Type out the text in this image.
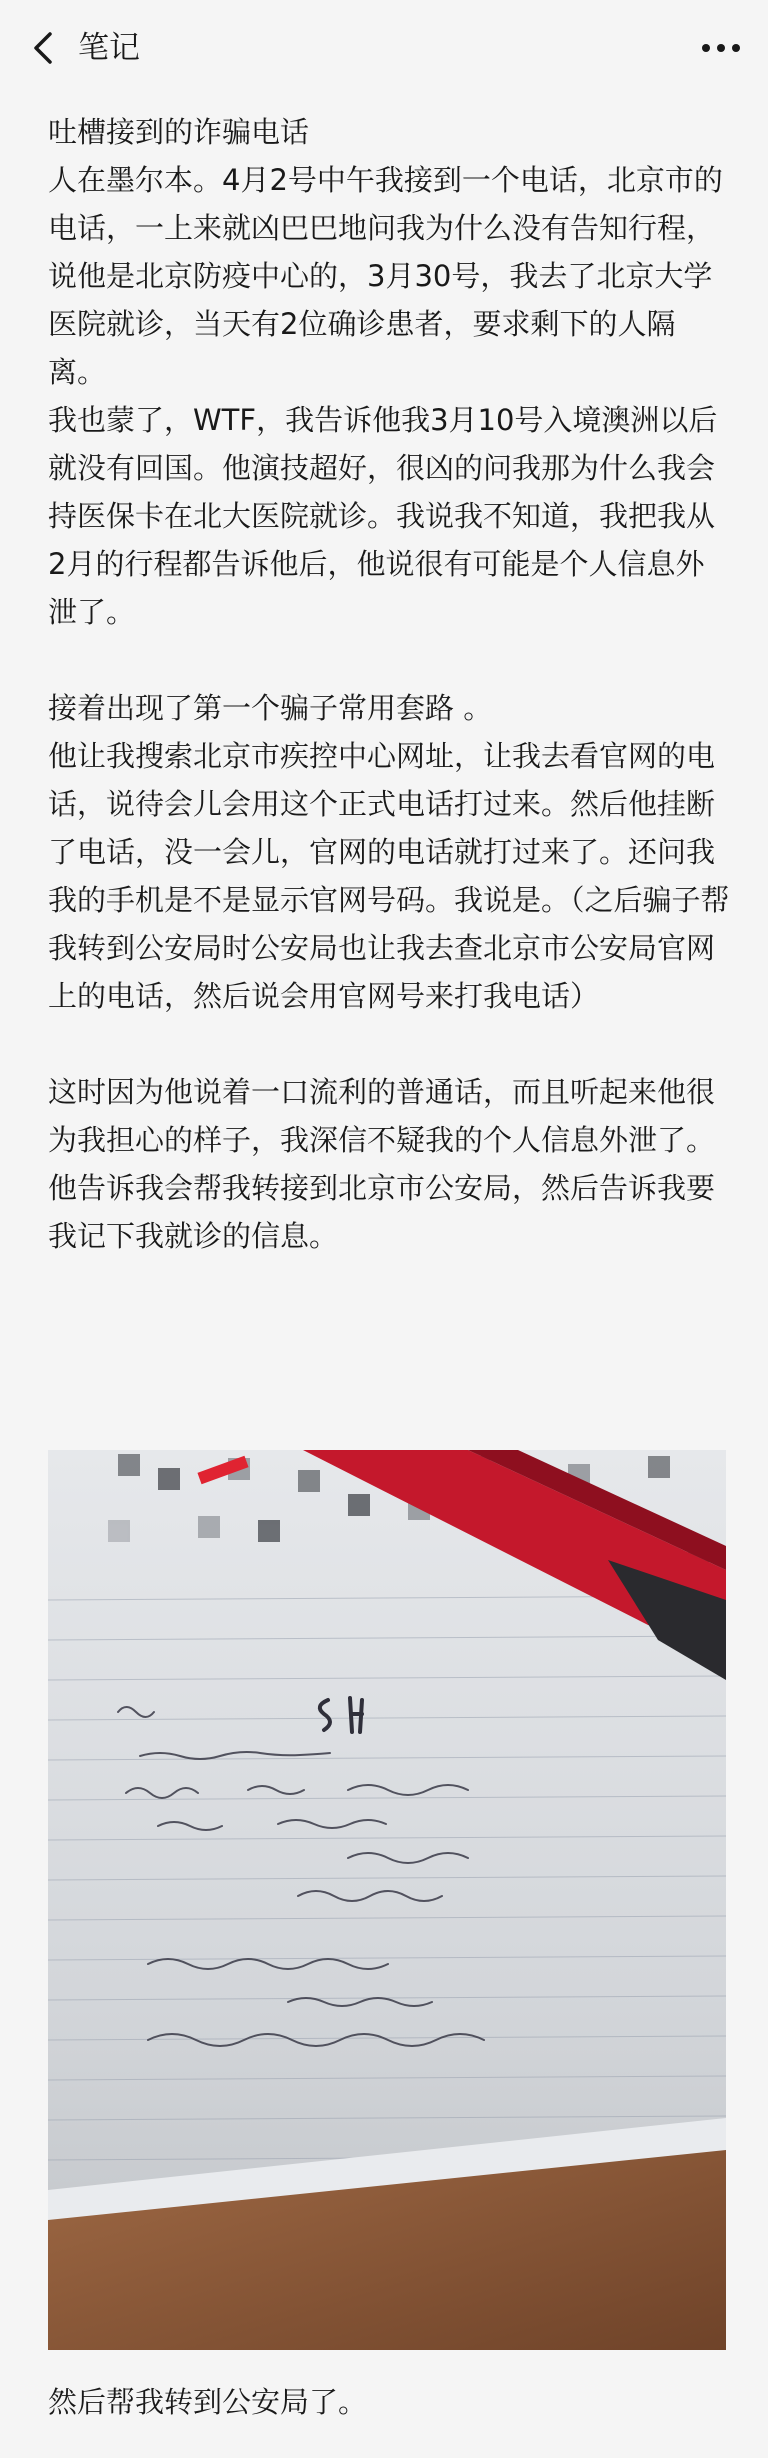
笔记

吐槽接到的诈骗电话

人在墨尔本。4月2号中午我接到一个电话，北京市的电话，一上来就凶巴巴地问我为什么没有告知行程，说他是北京防疫中心的，3月30号，我去了北京大学医院就诊，当天有2位确诊患者，要求剩下的人隔离。

我也蒙了，WTF，我告诉他我3月10号入境澳洲以后就没有回国。他演技超好，很凶的问我那为什么我会持医保卡在北大医院就诊。我说我不知道，我把我从2月的行程都告诉他后，他说很有可能是个人信息外泄了。

接着出现了第一个骗子常用套路 。

他让我搜索北京市疾控中心网址，让我去看官网的电话，说待会儿会用这个正式电话打过来。然后他挂断了电话，没一会儿，官网的电话就打过来了。还问我我的手机是不是显示官网号码。我说是。（之后骗子帮我转到公安局时公安局也让我去查北京市公安局官网上的电话，然后说会用官网号来打我电话）

这时因为他说着一口流利的普通话，而且听起来他很为我担心的样子，我深信不疑我的个人信息外泄了。

他告诉我会帮我转接到北京市公安局，然后告诉我要我记下我就诊的信息。

然后帮我转到公安局了。
